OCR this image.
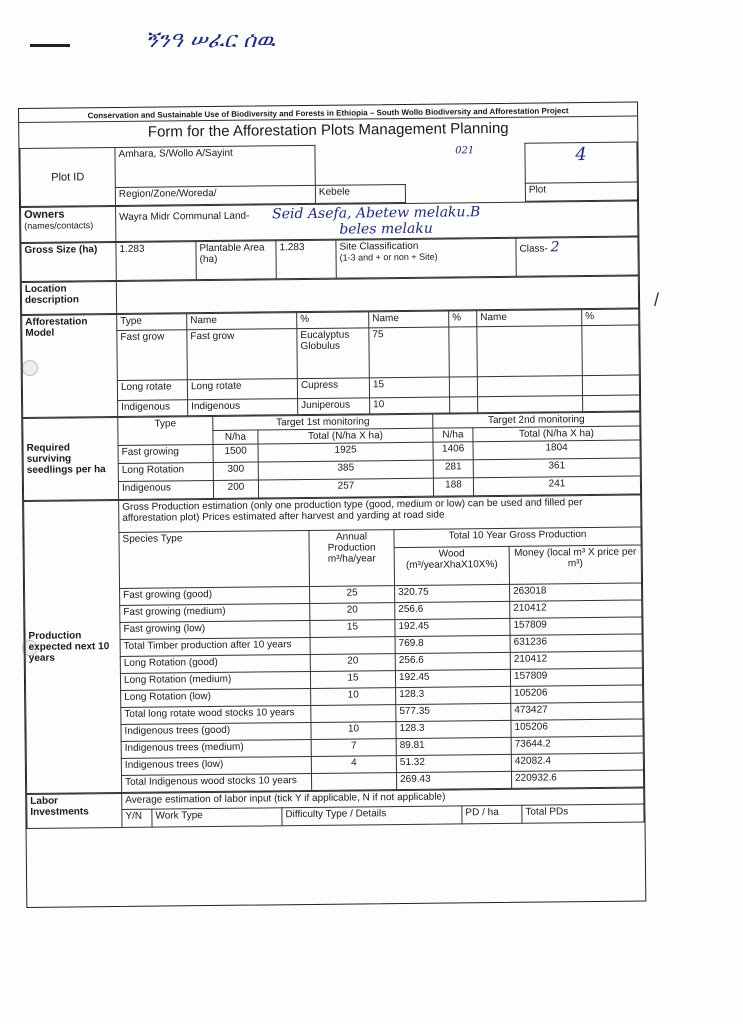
ኝንዓ ሠፈር ሰዉ
/
Conservation and Sustainable Use of Biodiversity and Forests in Ethiopia – South Wollo Biodiversity and Afforestation Project
Form for the Afforestation Plots Management Planning
Plot ID	Amhara, S/Wollo A/Sayint		021	4
	Region/Zone/Woreda/	Kebele		Plot
Owners
(names/contacts)
	Wayra Midr Communal Land- Seid Asefa, Abetew melaku.B
beles melaku
Gross Size (ha)	1.283	Plantable Area (ha)	1.283	Site Classification
(1-3 and + or non + Site)
	Class- 2
Location description	
Afforestation Model	Type	Name	%	Name	%	Name	%
	Fast grow	Fast grow	Eucalyptus Globulus	75			
	Long rotate	Long rotate	Cupress	15			
	Indigenous	Indigenous	Juniperous	10			
Required surviving seedlings per ha	Type	Target 1st monitoring		Target 2nd monitoring	
		N/ha	Total (N/ha X ha)	N/ha	Total (N/ha X ha)
	Fast growing	1500	1925	1406	1804
	Long Rotation	300	385	281	361
	Indigenous	200	257	188	241
Production expected next 10 years	Gross Production estimation (only one production type (good, medium or low) can be used and filled per afforestation plot) Prices estimated after harvest and yarding at road side			
	Species Type	Annual Production m³/ha/year	Total 10 Year Gross Production	
			Wood (m³/yearXhaX10X%)	Money (local m³ X price per m³)
	Fast growing (good)	25	320.75	263018
	Fast growing (medium)	20	256.6	210412
	Fast growing (low)	15	192.45	157809
	Total Timber production after 10 years		769.8	631236
	Long Rotation (good)	20	256.6	210412
	Long Rotation (medium)	15	192.45	157809
	Long Rotation (low)	10	128.3	105206
	Total long rotate wood stocks 10 years		577.35	473427
	Indigenous trees (good)	10	128.3	105206
	Indigenous trees (medium)	7	89.81	73644.2
	Indigenous trees (low)	4	51.32	42082.4
	Total Indigenous wood stocks 10 years		269.43	220932.6
Labor Investments	Average estimation of labor input (tick Y if applicable, N if not applicable)				
	Y/N	Work Type	Difficulty Type / Details	PD / ha	Total PDs
